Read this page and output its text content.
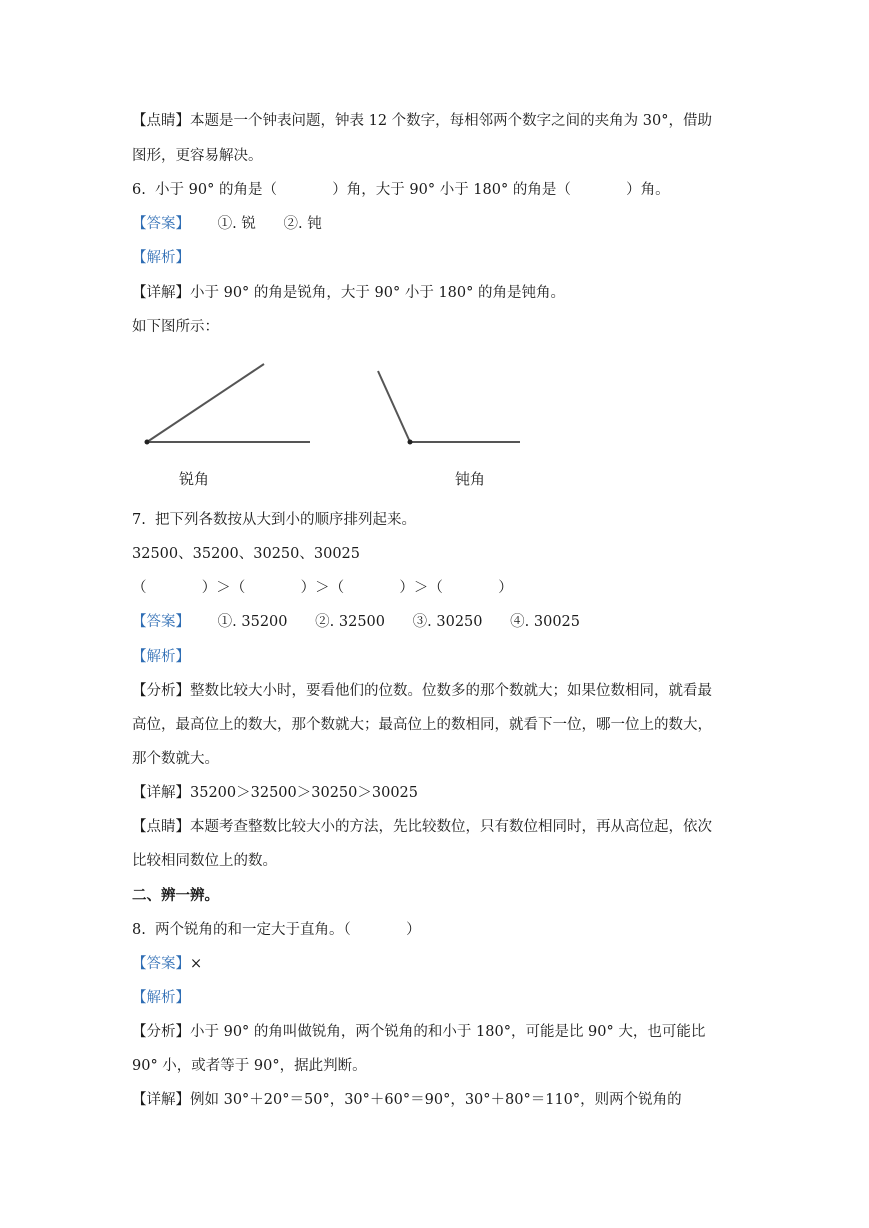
【点睛】本题是一个钟表问题，钟表 12 个数字，每相邻两个数字之间的夹角为 30°，借助
图形，更容易解决。
6.  小于 90° 的角是（            ）角，大于 90° 小于 180° 的角是（            ）角。
【答案】      ①. 锐      ②. 钝
【解析】
【详解】小于 90° 的角是锐角，大于 90° 小于 180° 的角是钝角。
如下图所示：
锐角	钝角
7.  把下列各数按从大到小的顺序排列起来。
32500、35200、30250、30025
（            ）＞（            ）＞（            ）＞（            ）
【答案】      ①. 35200      ②. 32500      ③. 30250      ④. 30025
【解析】
【分析】整数比较大小时，要看他们的位数。位数多的那个数就大；如果位数相同，就看最
高位，最高位上的数大，那个数就大；最高位上的数相同，就看下一位，哪一位上的数大，
那个数就大。
【详解】35200＞32500＞30250＞30025
【点睛】本题考查整数比较大小的方法，先比较数位，只有数位相同时，再从高位起，依次
比较相同数位上的数。
二、辨一辨。
8.  两个锐角的和一定大于直角。（            ）
【答案】×
【解析】
【分析】小于 90° 的角叫做锐角，两个锐角的和小于 180°，可能是比 90° 大，也可能比
90° 小，或者等于 90°，据此判断。
【详解】例如 30°＋20°＝50°，30°＋60°＝90°，30°＋80°＝110°，则两个锐角的
